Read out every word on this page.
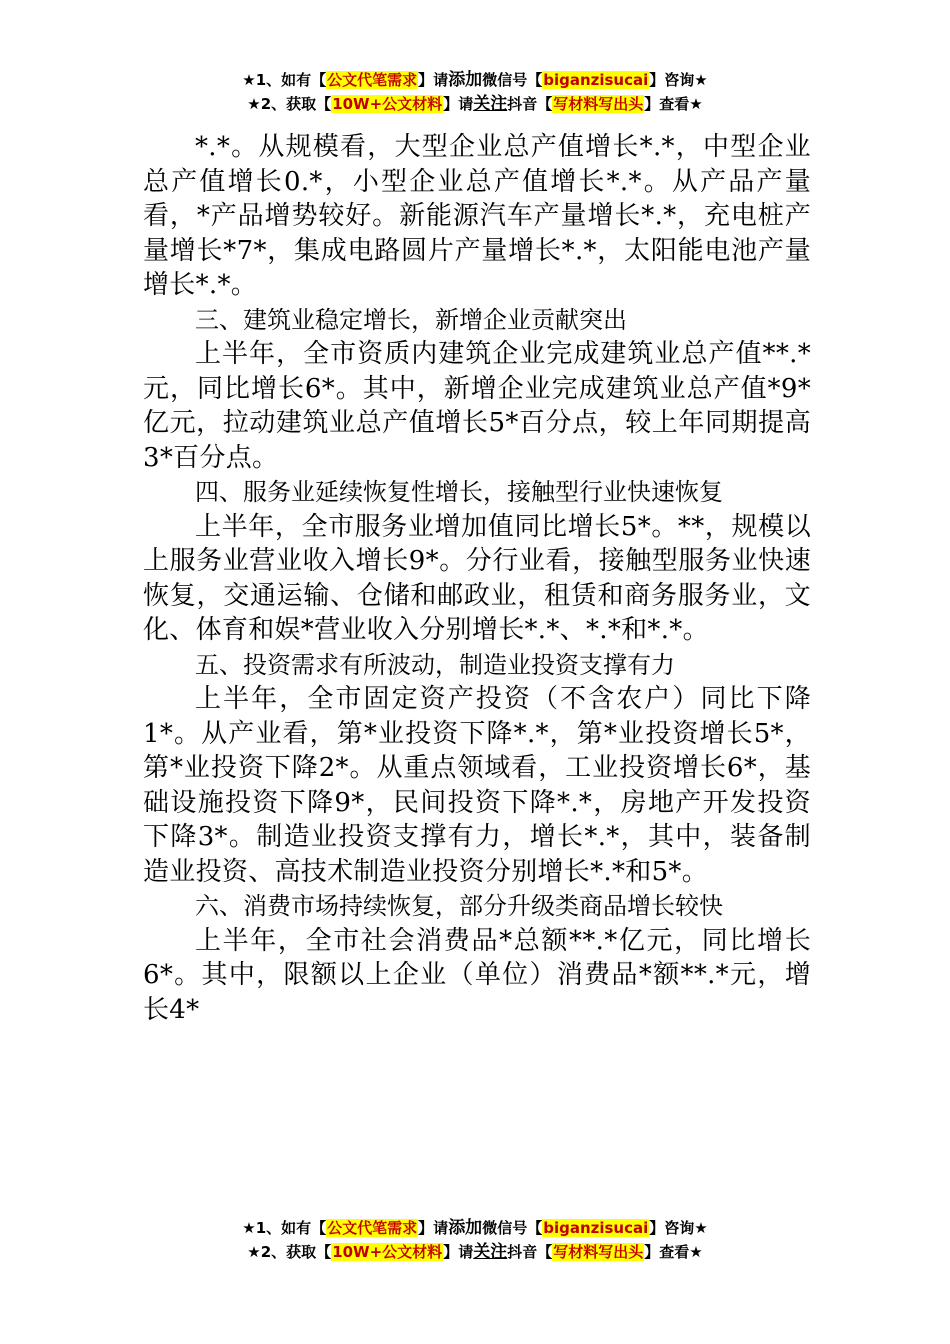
★1、如有【公文代笔需求】请添加微信号【biganzisucai】咨询★
★2、获取【10W+公文材料】请关注抖音【写材料写出头】查看★

*.*。从规模看，大型企业总产值增长*.*，中型企业总产值增长0.*，小型企业总产值增长*.*。从产品产量看，*产品增势较好。新能源汽车产量增长*.*，充电桩产量增长*7*，集成电路圆片产量增长*.*，太阳能电池产量增长*.*。

三、建筑业稳定增长，新增企业贡献突出

上半年，全市资质内建筑企业完成建筑业总产值**.*元，同比增长6*。其中，新增企业完成建筑业总产值*9*亿元，拉动建筑业总产值增长5*百分点，较上年同期提高3*百分点。

四、服务业延续恢复性增长，接触型行业快速恢复

上半年，全市服务业增加值同比增长5*。**，规模以上服务业营业收入增长9*。分行业看，接触型服务业快速恢复，交通运输、仓储和邮政业，租赁和商务服务业，文化、体育和娱*营业收入分别增长*.*、*.*和*.*。

五、投资需求有所波动，制造业投资支撑有力

上半年，全市固定资产投资（不含农户）同比下降1*。从产业看，第*业投资下降*.*，第*业投资增长5*，第*业投资下降2*。从重点领域看，工业投资增长6*，基础设施投资下降9*，民间投资下降*.*，房地产开发投资下降3*。制造业投资支撑有力，增长*.*，其中，装备制造业投资、高技术制造业投资分别增长*.*和5*。

六、消费市场持续恢复，部分升级类商品增长较快

上半年，全市社会消费品*总额**.*亿元，同比增长6*。其中，限额以上企业（单位）消费品*额**.*元，增长4*

★1、如有【公文代笔需求】请添加微信号【biganzisucai】咨询★
★2、获取【10W+公文材料】请关注抖音【写材料写出头】查看★
